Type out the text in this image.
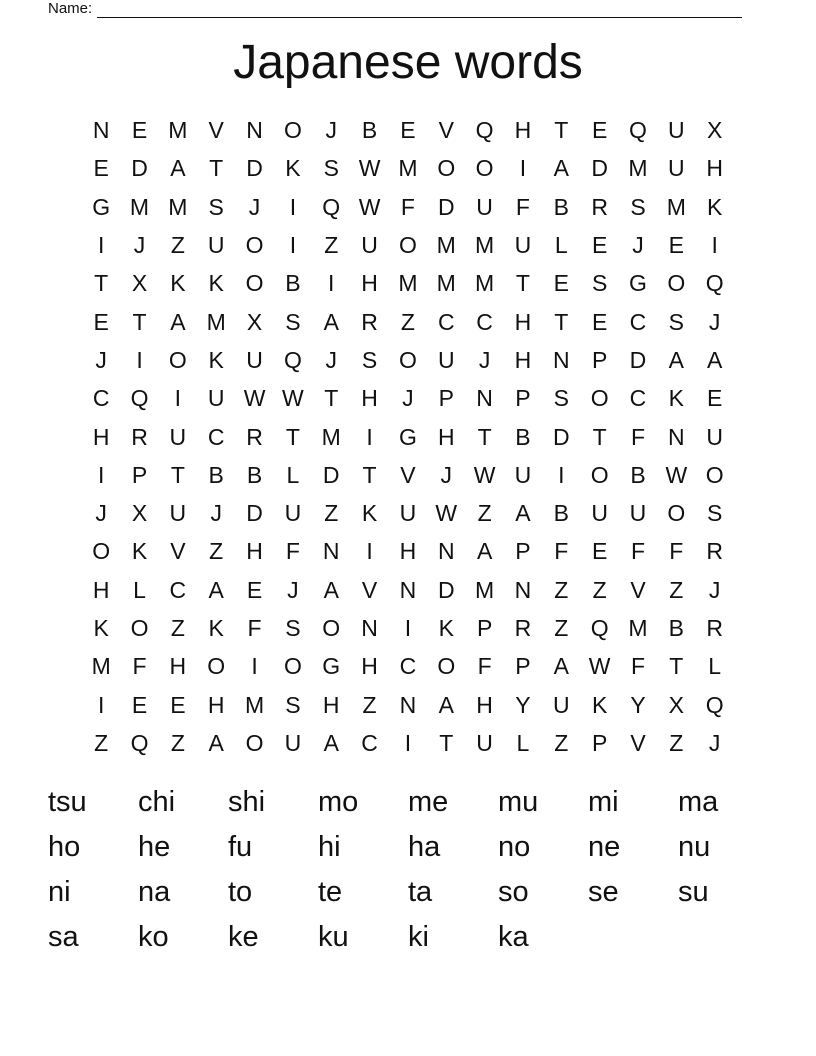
Name:
Japanese words
N E M V N O	J	B	E	V Q H	T	E Q U X
E D A	T	D K	S W M O O	I	A D M U H
G M M S	J	I	Q W F	D U	F	B R S M K
I	J	Z	U O	I	Z	U O M M U	L	E	J	E	I
T	X	K	K O B	I	H M M M T	E	S G O Q
E	T	A M X	S	A R	Z	C C H	T	E C S	J
J	I	O K U Q	J	S O U	J	H N P D A	A
C Q	I	U W W T	H	J	P N P	S O C K	E
H R U C R	T M	I	G H	T	B D	T	F	N U
I	P	T	B	B	L	D	T	V	J W U	I	O B W O
J	X U	J	D U	Z	K U W Z	A	B U U O S
O K	V	Z	H	F	N	I	H N A	P	F	E	F	F	R
H	L	C A	E	J	A	V N D M N	Z	Z	V	Z	J
K O Z	K	F	S O N	I	K	P R	Z Q M B R
M F	H O	I	O G H C O F	P	A W F	T	L
I	E	E H M S H	Z	N A H Y U K	Y	X Q
Z Q Z	A O U A C	I	T	U	L	Z	P	V	Z	J
tsu	chi	shi	mo	me	mu	mi	ma
ho	he	fu	hi	ha	no	ne	nu
ni	na	to	te	ta	so	se	su
sa	ko	ke	ku	ki	ka
